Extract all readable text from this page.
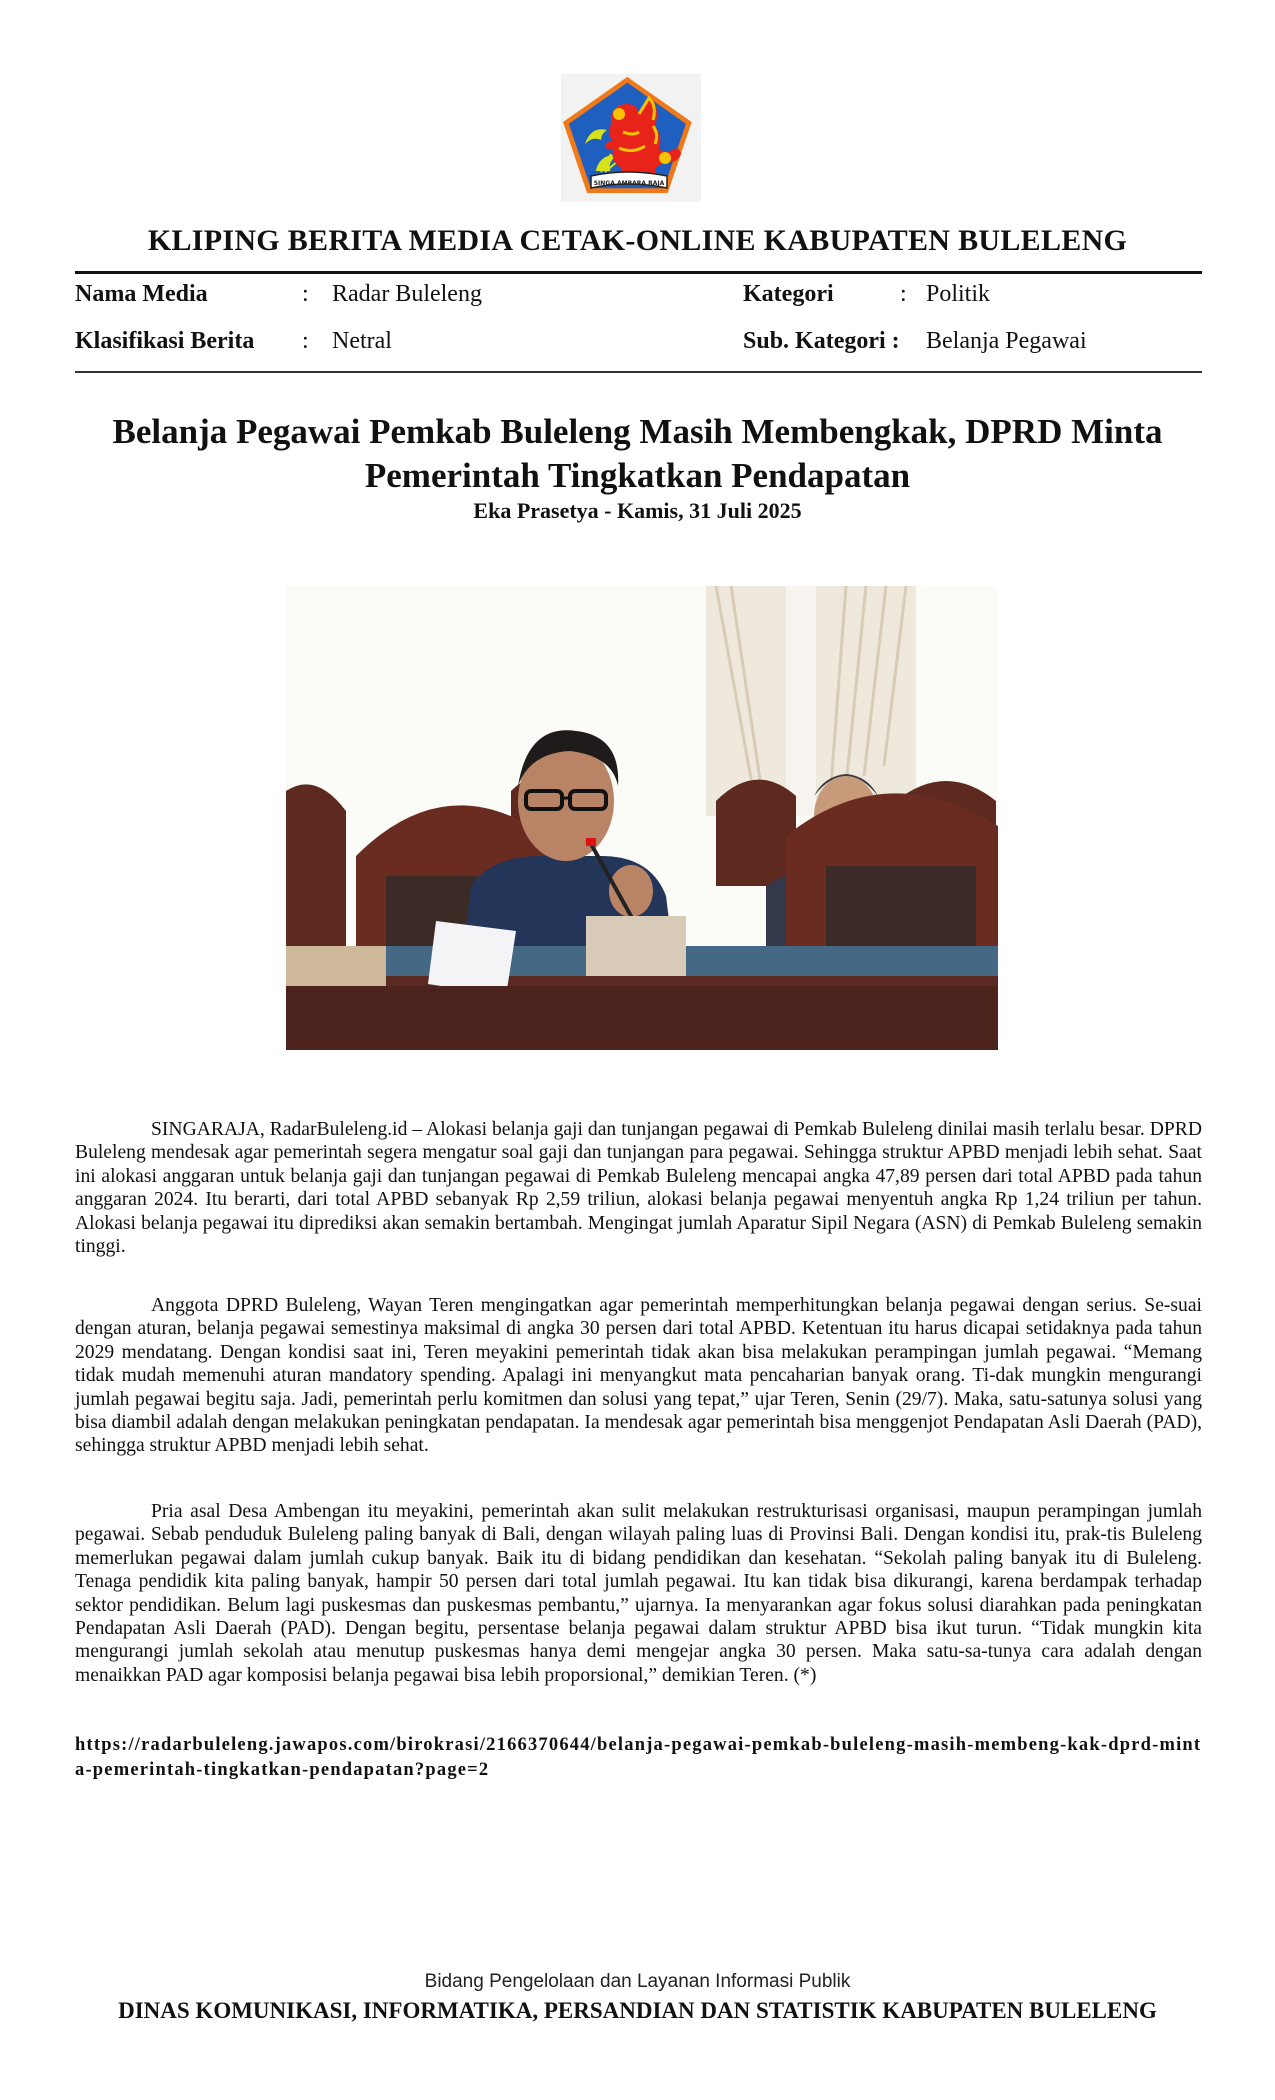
SINGA AMBARA RAJA
KLIPING BERITA MEDIA CETAK-ONLINE KABUPATEN BULELENG
Nama Media	: Radar Buleleng
Klasifikasi Berita : Netral
Kategori	: Politik
Sub. Kategori : Belanja Pegawai
Belanja Pegawai Pemkab Buleleng Masih Membengkak, DPRD Minta Pemerintah Tingkatkan Pendapatan
Eka Prasetya - Kamis, 31 Juli 2025
SINGARAJA, RadarBuleleng.id – Alokasi belanja gaji dan tunjangan pegawai di Pemkab Buleleng dinilai masih terlalu besar. DPRD Buleleng mendesak agar pemerintah segera mengatur soal gaji dan tunjangan para pegawai. Sehingga struktur APBD menjadi lebih sehat. Saat ini alokasi anggaran untuk belanja gaji dan tunjangan pegawai di Pemkab Buleleng mencapai angka 47,89 persen dari total APBD pada tahun anggaran 2024. Itu berarti, dari total APBD sebanyak Rp 2,59 triliun, alokasi belanja pegawai menyentuh angka Rp 1,24 triliun per tahun. Alokasi belanja pegawai itu diprediksi akan semakin bertambah. Mengingat jumlah Aparatur Sipil Negara (ASN) di Pemkab Buleleng semakin tinggi.
Anggota DPRD Buleleng, Wayan Teren mengingatkan agar pemerintah memperhitungkan belanja pegawai dengan serius. Se-suai dengan aturan, belanja pegawai semestinya maksimal di angka 30 persen dari total APBD. Ketentuan itu harus dicapai setidaknya pada tahun 2029 mendatang. Dengan kondisi saat ini, Teren meyakini pemerintah tidak akan bisa melakukan perampingan jumlah pegawai. “Memang tidak mudah memenuhi aturan mandatory spending. Apalagi ini menyangkut mata pencaharian banyak orang. Ti-dak mungkin mengurangi jumlah pegawai begitu saja. Jadi, pemerintah perlu komitmen dan solusi yang tepat,” ujar Teren, Senin (29/7). Maka, satu-satunya solusi yang bisa diambil adalah dengan melakukan peningkatan pendapatan. Ia mendesak agar pemerintah bisa menggenjot Pendapatan Asli Daerah (PAD), sehingga struktur APBD menjadi lebih sehat.
Pria asal Desa Ambengan itu meyakini, pemerintah akan sulit melakukan restrukturisasi organisasi, maupun perampingan jumlah pegawai. Sebab penduduk Buleleng paling banyak di Bali, dengan wilayah paling luas di Provinsi Bali. Dengan kondisi itu, prak-tis Buleleng memerlukan pegawai dalam jumlah cukup banyak. Baik itu di bidang pendidikan dan kesehatan. “Sekolah paling banyak itu di Buleleng. Tenaga pendidik kita paling banyak, hampir 50 persen dari total jumlah pegawai. Itu kan tidak bisa dikurangi, karena berdampak terhadap sektor pendidikan. Belum lagi puskesmas dan puskesmas pembantu,” ujarnya. Ia menyarankan agar fokus solusi diarahkan pada peningkatan Pendapatan Asli Daerah (PAD). Dengan begitu, persentase belanja pegawai dalam struktur APBD bisa ikut turun. “Tidak mungkin kita mengurangi jumlah sekolah atau menutup puskesmas hanya demi mengejar angka 30 persen. Maka satu-sa-tunya cara adalah dengan menaikkan PAD agar komposisi belanja pegawai bisa lebih proporsional,” demikian Teren. (*)
https://radarbuleleng.jawapos.com/birokrasi/2166370644/belanja-pegawai-pemkab-buleleng-masih-membeng-kak-dprd-minta-pemerintah-tingkatkan-pendapatan?page=2
Bidang Pengelolaan dan Layanan Informasi Publik
DINAS KOMUNIKASI, INFORMATIKA, PERSANDIAN DAN STATISTIK KABUPATEN BULELENG
